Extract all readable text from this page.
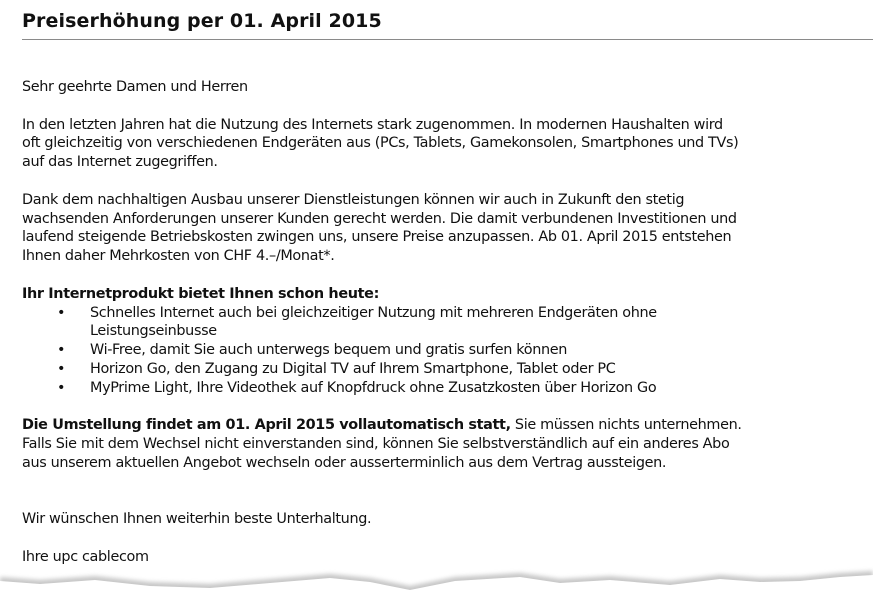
Preiserhöhung per 01. April 2015

Sehr geehrte Damen und Herren

In den letzten Jahren hat die Nutzung des Internets stark zugenommen. In modernen Haushalten wird

oft gleichzeitig von verschiedenen Endgeräten aus (PCs, Tablets, Gamekonsolen, Smartphones und TVs)

auf das Internet zugegriffen.

Dank dem nachhaltigen Ausbau unserer Dienstleistungen können wir auch in Zukunft den stetig

wachsenden Anforderungen unserer Kunden gerecht werden. Die damit verbundenen Investitionen und

laufend steigende Betriebskosten zwingen uns, unsere Preise anzupassen. Ab 01. April 2015 entstehen

Ihnen daher Mehrkosten von CHF 4.–/Monat*.

Ihr Internetprodukt bietet Ihnen schon heute:

• Schnelles Internet auch bei gleichzeitiger Nutzung mit mehreren Endgeräten ohne
Leistungseinbusse
• Wi-Free, damit Sie auch unterwegs bequem und gratis surfen können
• Horizon Go, den Zugang zu Digital TV auf Ihrem Smartphone, Tablet oder PC
• MyPrime Light, Ihre Videothek auf Knopfdruck ohne Zusatzkosten über Horizon Go

Die Umstellung findet am 01. April 2015 vollautomatisch statt, Sie müssen nichts unternehmen.

Falls Sie mit dem Wechsel nicht einverstanden sind, können Sie selbstverständlich auf ein anderes Abo

aus unserem aktuellen Angebot wechseln oder ausserterminlich aus dem Vertrag aussteigen.

Wir wünschen Ihnen weiterhin beste Unterhaltung.

Ihre upc cablecom
